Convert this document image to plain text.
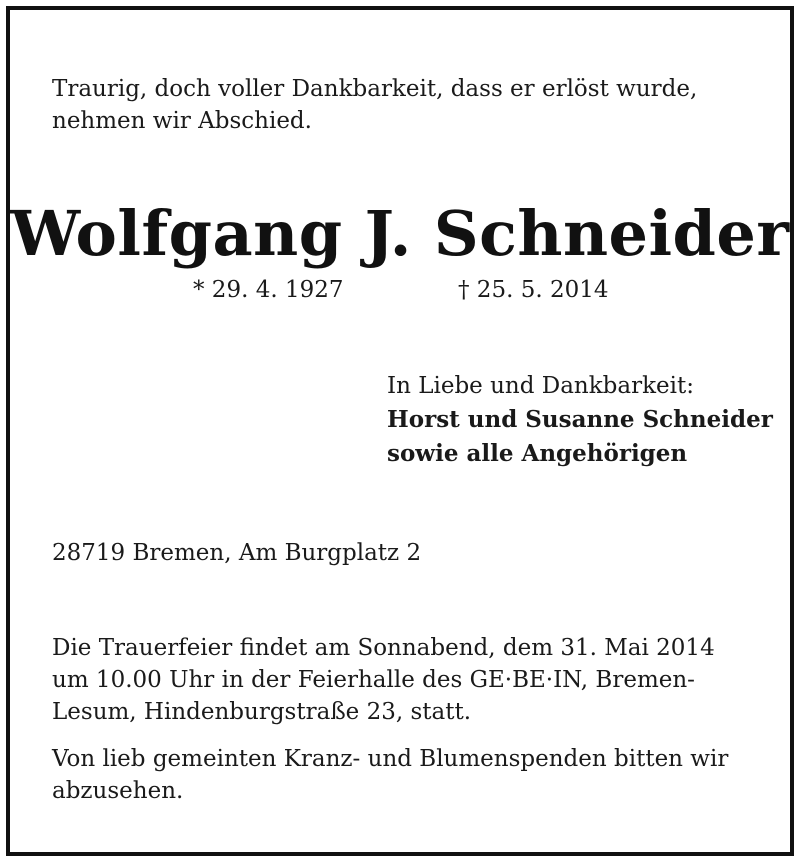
Traurig, doch voller Dankbarkeit, dass er erlöst wurde,
nehmen wir Abschied.
Wolfgang J. Schneider
* 29. 4. 1927	† 25. 5. 2014
In Liebe und Dankbarkeit:
Horst und Susanne Schneider
sowie alle Angehörigen
28719 Bremen, Am Burgplatz 2
Die Trauerfeier findet am Sonnabend, dem 31. Mai 2014
um 10.00 Uhr in der Feierhalle des GE·BE·IN, Bremen-
Lesum, Hindenburgstraße 23, statt.
Von lieb gemeinten Kranz- und Blumenspenden bitten wir
abzusehen.
